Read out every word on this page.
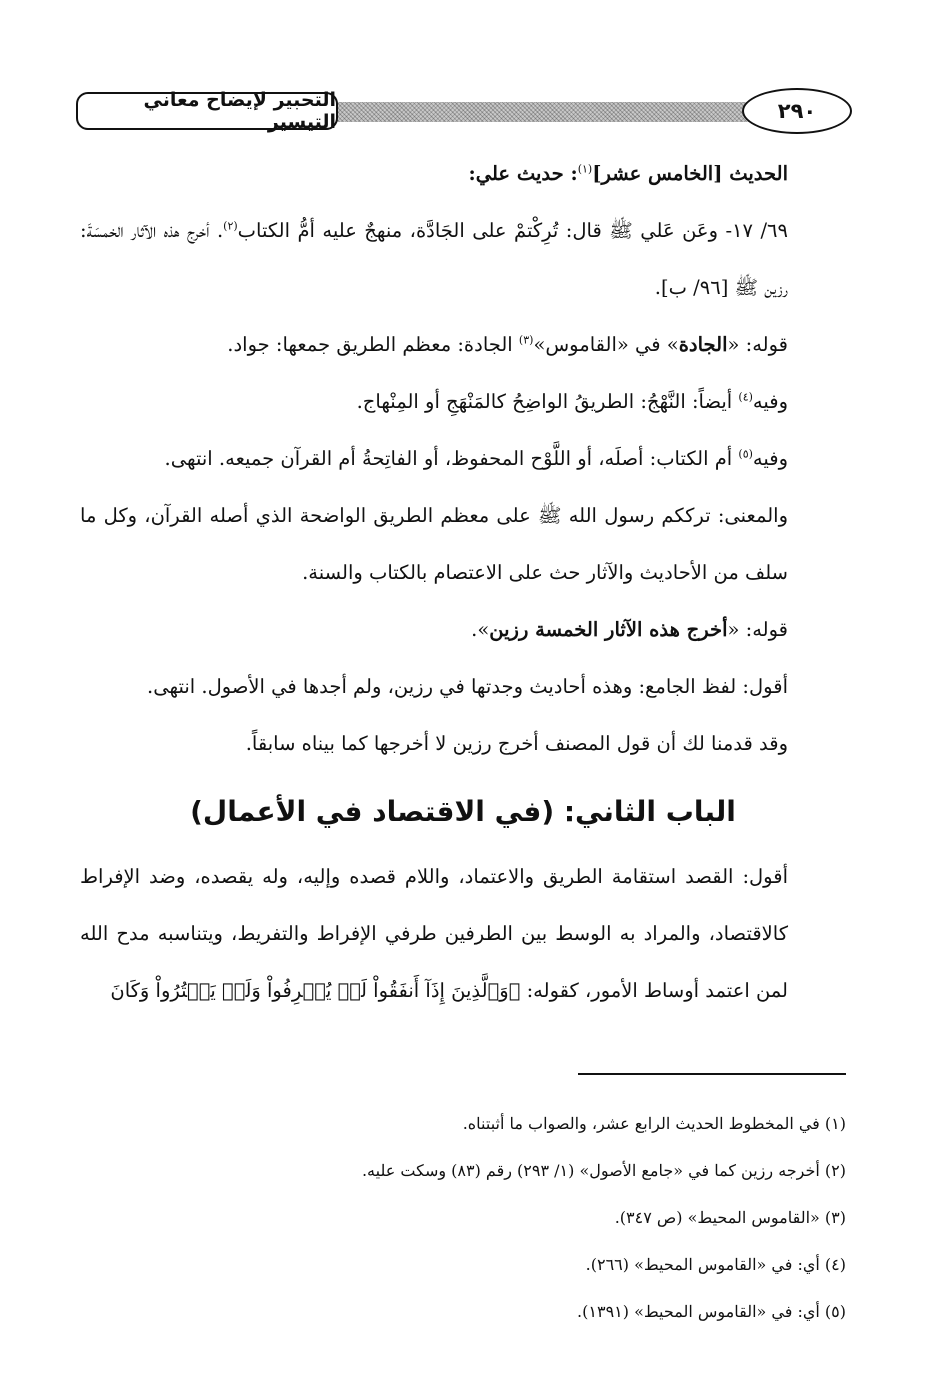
التحبير لإيضاح معاني التيسير	٢٩٠

الحديث [الخامس عشر]$^{(١)}$: حديث علي:

٦٩/ ١٧- وعَن عَلي ﷺ قال: تُرِكْتمْ على الجَادَّة، منهجٌ عليه أمُّ الكتاب$^{(٢)}$. أخرج هذه الآثار الخمسَةَ: رزين ﷺ [٩٦/ ب].

قوله: «الجادة» في «القاموس»$^{(٣)}$ الجادة: معظم الطريق جمعها: جواد.

وفيه$^{(٤)}$ أيضاً: النَّهْجُ: الطريقُ الواضِحُ كالمَنْهَجِ أو المِنْهاج.

وفيه$^{(٥)}$ أم الكتاب: أصلَه، أو اللَّوْح المحفوظ، أو الفاتِحةُ أم القرآن جميعه. انتهى.

والمعنى: ترككم رسول الله ﷺ على معظم الطريق الواضحة الذي أصله القرآن، وكل ما سلف من الأحاديث والآثار حث على الاعتصام بالكتاب والسنة.

قوله: «أخرج هذه الآثار الخمسة رزين».

أقول: لفظ الجامع: وهذه أحاديث وجدتها في رزين، ولم أجدها في الأصول. انتهى.

وقد قدمنا لك أن قول المصنف أخرج رزين لا أخرجها كما بيناه سابقاً.

الباب الثاني: (في الاقتصاد في الأعمال)

أقول: القصد استقامة الطريق والاعتماد، واللام قصده وإليه، وله يقصده، وضد الإفراط كالاقتصاد، والمراد به الوسط بين الطرفين طرفي الإفراط والتفريط، ويتناسبه مدح الله لمن اعتمد أوساط الأمور، كقوله: ﴿وَٱلَّذِينَ إِذَآ أَنفَقُواْ لَمۡ يُسۡرِفُواْ وَلَمۡ يَقۡتُرُواْ وَكَانَ

(١) في المخطوط الحديث الرابع عشر، والصواب ما أثبتناه.

(٢) أخرجه رزين كما في «جامع الأصول» (١/ ٢٩٣) رقم (٨٣) وسكت عليه.

(٣) «القاموس المحيط» (ص ٣٤٧).

(٤) أي: في «القاموس المحيط» (٢٦٦).

(٥) أي: في «القاموس المحيط» (١٣٩١).
